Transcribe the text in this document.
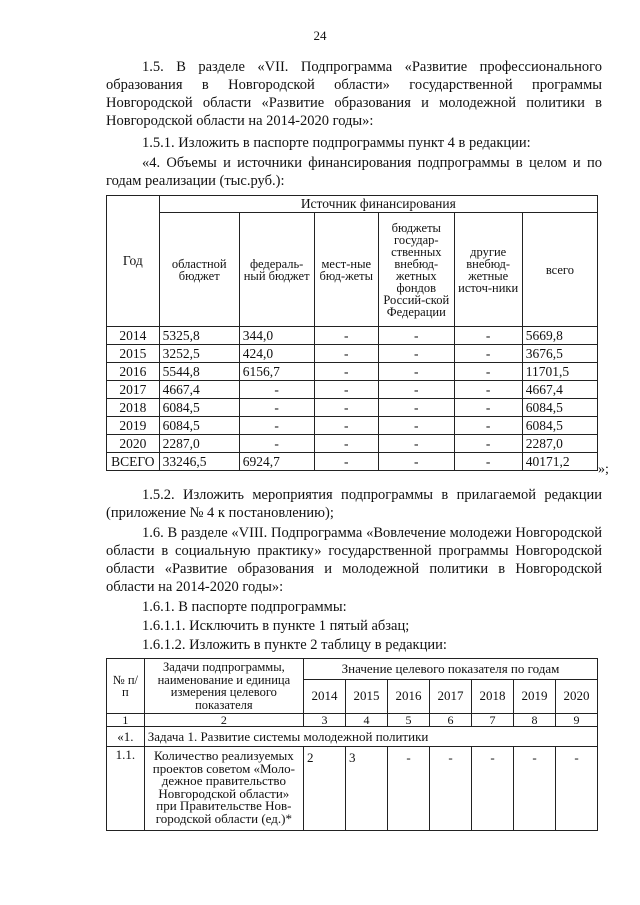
24
1.5. В разделе «VII. Подпрограмма «Развитие профессионального образования в Новгородской области» государственной программы Новгородской области «Развитие образования и молодежной политики в Новгородской области на 2014-2020 годы»:
1.5.1. Изложить в паспорте подпрограммы пункт 4 в редакции:
«4. Объемы и источники финансирования подпрограммы в целом и по годам реализации (тыс.руб.):
Год	Источник финансирования					
	областной бюджет	федераль-ный бюджет	мест-ные бюд-жеты	бюджеты государ-ственных внебюд-жетных фондов Россий-ской Федерации	другие внебюд-жетные источ-ники	всего
2014	5325,8	344,0	-	-	-	5669,8
2015	3252,5	424,0	-	-	-	3676,5
2016	5544,8	6156,7	-	-	-	11701,5
2017	4667,4	-	-	-	-	4667,4
2018	6084,5	-	-	-	-	6084,5
2019	6084,5	-	-	-	-	6084,5
2020	2287,0	-	-	-	-	2287,0
ВСЕГО	33246,5	6924,7	-	-	-	40171,2
»;
1.5.2. Изложить мероприятия подпрограммы в прилагаемой редакции (приложение № 4 к постановлению);
1.6. В разделе «VIII. Подпрограмма «Вовлечение молодежи Новгородской области в социальную практику» государственной программы Новгородской области «Развитие образования и молодежной политики в Новгородской области на 2014-2020 годы»:
1.6.1. В паспорте подпрограммы:
1.6.1.1. Исключить в пункте 1 пятый абзац;
1.6.1.2. Изложить в пункте 2 таблицу в редакции:
№ п/п	Задачи подпрограммы, наименование и единица измерения целевого показателя	Значение целевого показателя по годам						
		2014	2015	2016	2017	2018	2019	2020
1	2	3	4	5	6	7	8	9
«1.	Задача 1. Развитие системы молодежной политики							
1.1.	Количество реализуемых проектов советом «Моло-дежное правительство Новгородской области» при Правительстве Нов-городской области (ед.)*	2	3	-	-	-	-	-
